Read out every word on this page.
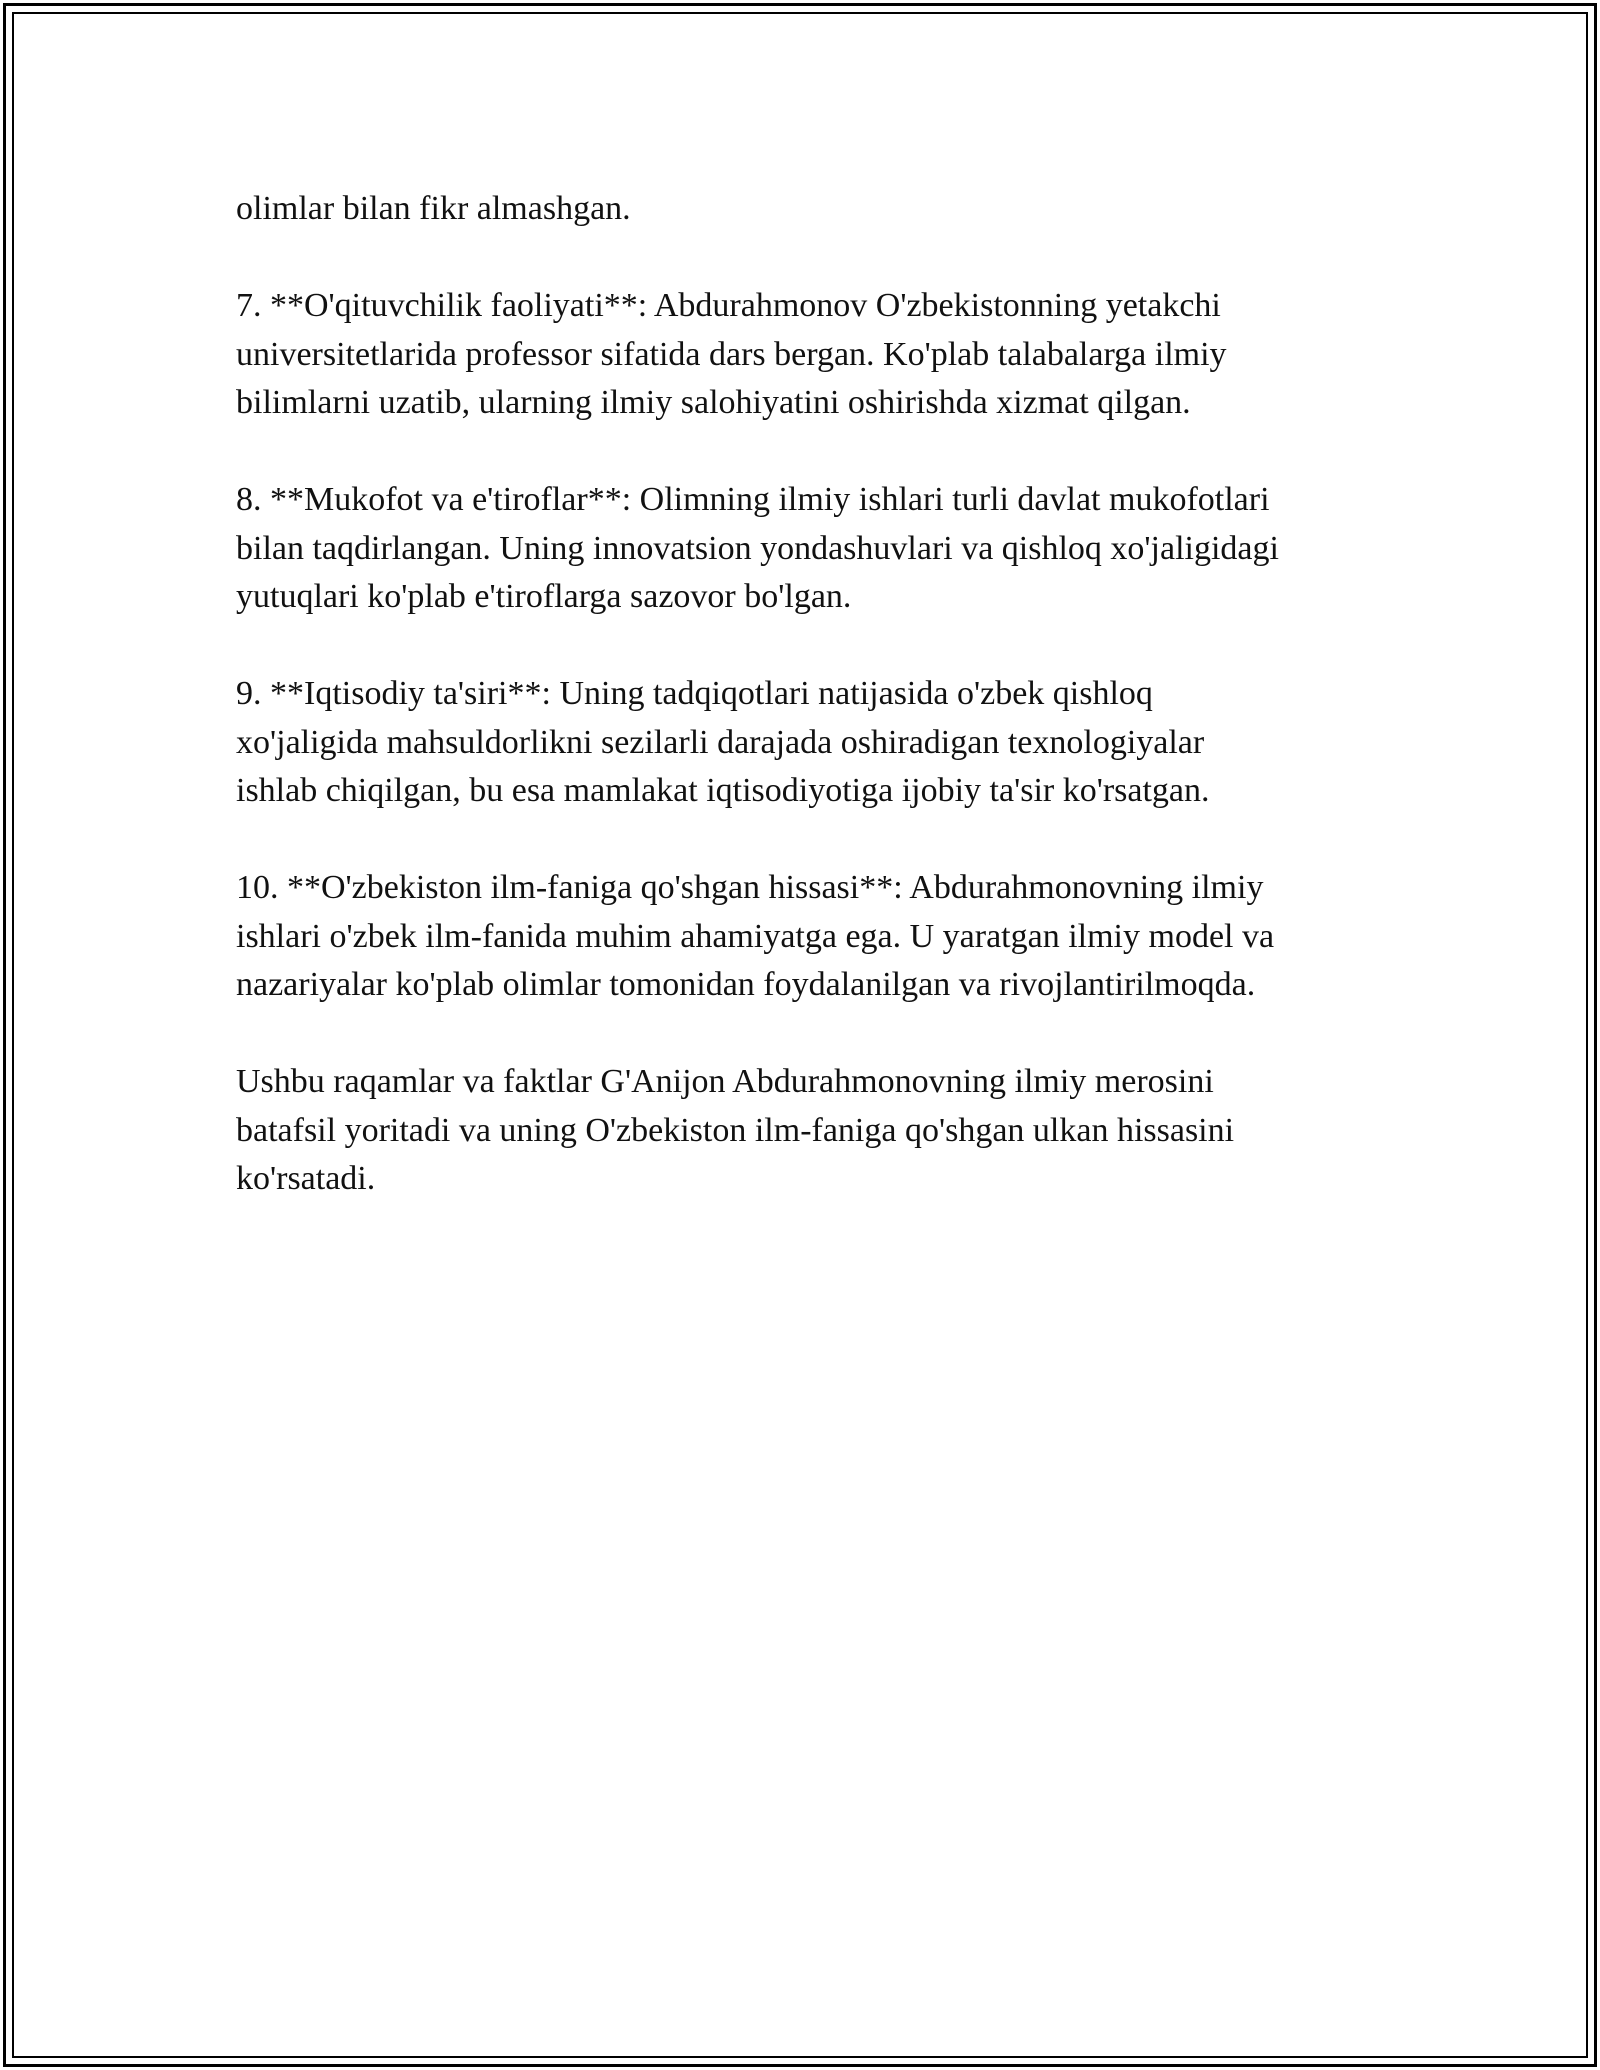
olimlar bilan fikr almashgan.

7. **O'qituvchilik faoliyati**: Abdurahmonov O'zbekistonning yetakchi
universitetlarida professor sifatida dars bergan. Ko'plab talabalarga ilmiy
bilimlarni uzatib, ularning ilmiy salohiyatini oshirishda xizmat qilgan.

8. **Mukofot va e'tiroflar**: Olimning ilmiy ishlari turli davlat mukofotlari
bilan taqdirlangan. Uning innovatsion yondashuvlari va qishloq xo'jaligidagi
yutuqlari ko'plab e'tiroflarga sazovor bo'lgan.

9. **Iqtisodiy ta'siri**: Uning tadqiqotlari natijasida o'zbek qishloq
xo'jaligida mahsuldorlikni sezilarli darajada oshiradigan texnologiyalar
ishlab chiqilgan, bu esa mamlakat iqtisodiyotiga ijobiy ta'sir ko'rsatgan.

10. **O'zbekiston ilm-faniga qo'shgan hissasi**: Abdurahmonovning ilmiy
ishlari o'zbek ilm-fanida muhim ahamiyatga ega. U yaratgan ilmiy model va
nazariyalar ko'plab olimlar tomonidan foydalanilgan va rivojlantirilmoqda.

Ushbu raqamlar va faktlar G'Anijon Abdurahmonovning ilmiy merosini
batafsil yoritadi va uning O'zbekiston ilm-faniga qo'shgan ulkan hissasini
ko'rsatadi.
